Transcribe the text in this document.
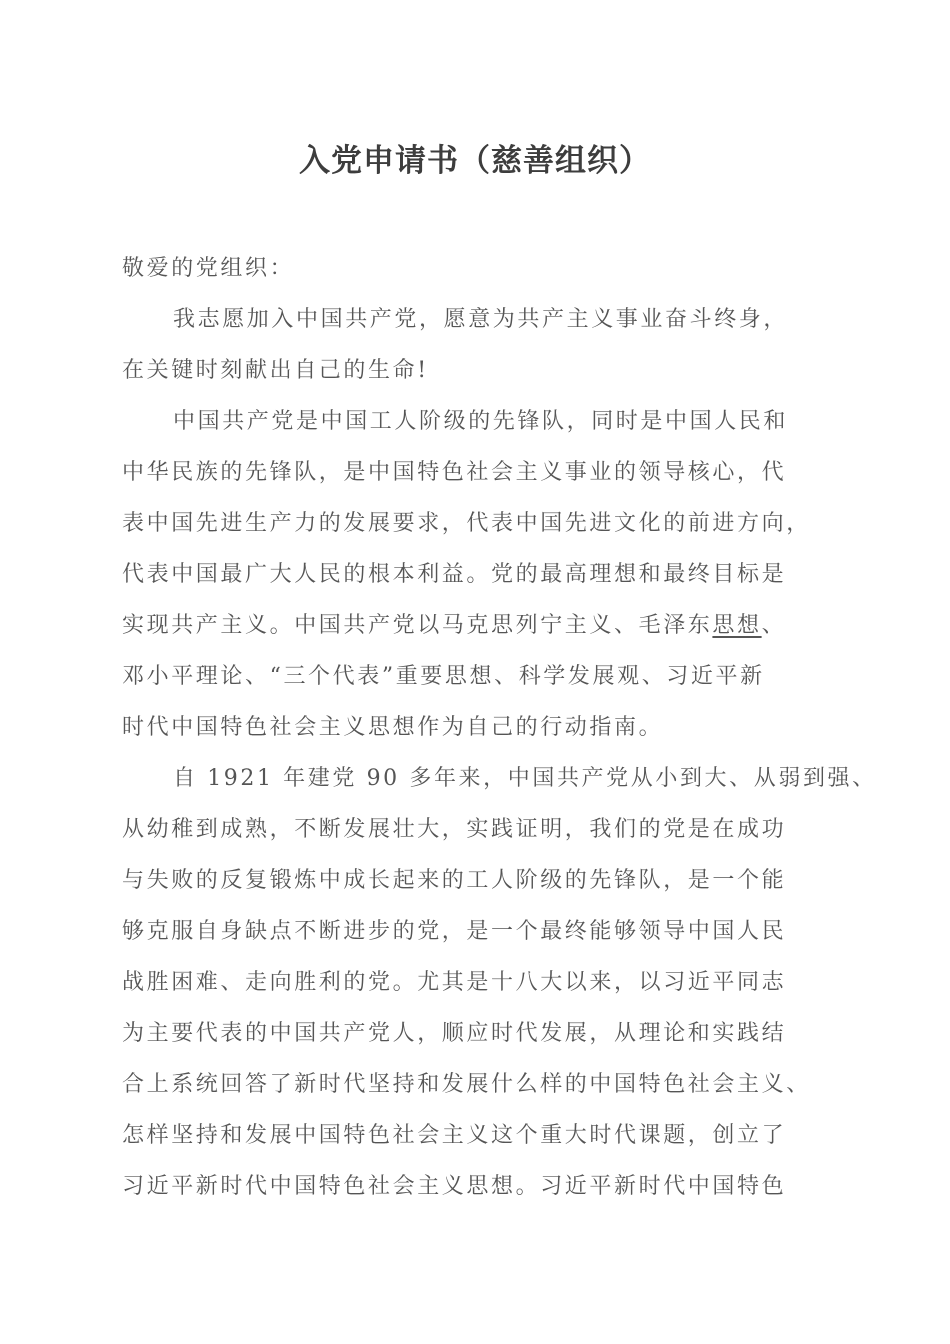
入党申请书（慈善组织）
敬爱的党组织：
我志愿加入中国共产党，愿意为共产主义事业奋斗终身，
在关键时刻献出自己的生命!
中国共产党是中国工人阶级的先锋队，同时是中国人民和
中华民族的先锋队，是中国特色社会主义事业的领导核心，代
表中国先进生产力的发展要求，代表中国先进文化的前进方向，
代表中国最广大人民的根本利益。党的最高理想和最终目标是
实现共产主义。中国共产党以马克思列宁主义、毛泽东思想、
邓小平理论、“三个代表”重要思想、科学发展观、习近平新
时代中国特色社会主义思想作为自己的行动指南。
自 1921 年建党 90 多年来，中国共产党从小到大、从弱到强、
从幼稚到成熟，不断发展壮大，实践证明，我们的党是在成功
与失败的反复锻炼中成长起来的工人阶级的先锋队，是一个能
够克服自身缺点不断进步的党，是一个最终能够领导中国人民
战胜困难、走向胜利的党。尤其是十八大以来，以习近平同志
为主要代表的中国共产党人，顺应时代发展，从理论和实践结
合上系统回答了新时代坚持和发展什么样的中国特色社会主义、
怎样坚持和发展中国特色社会主义这个重大时代课题，创立了
习近平新时代中国特色社会主义思想。习近平新时代中国特色
